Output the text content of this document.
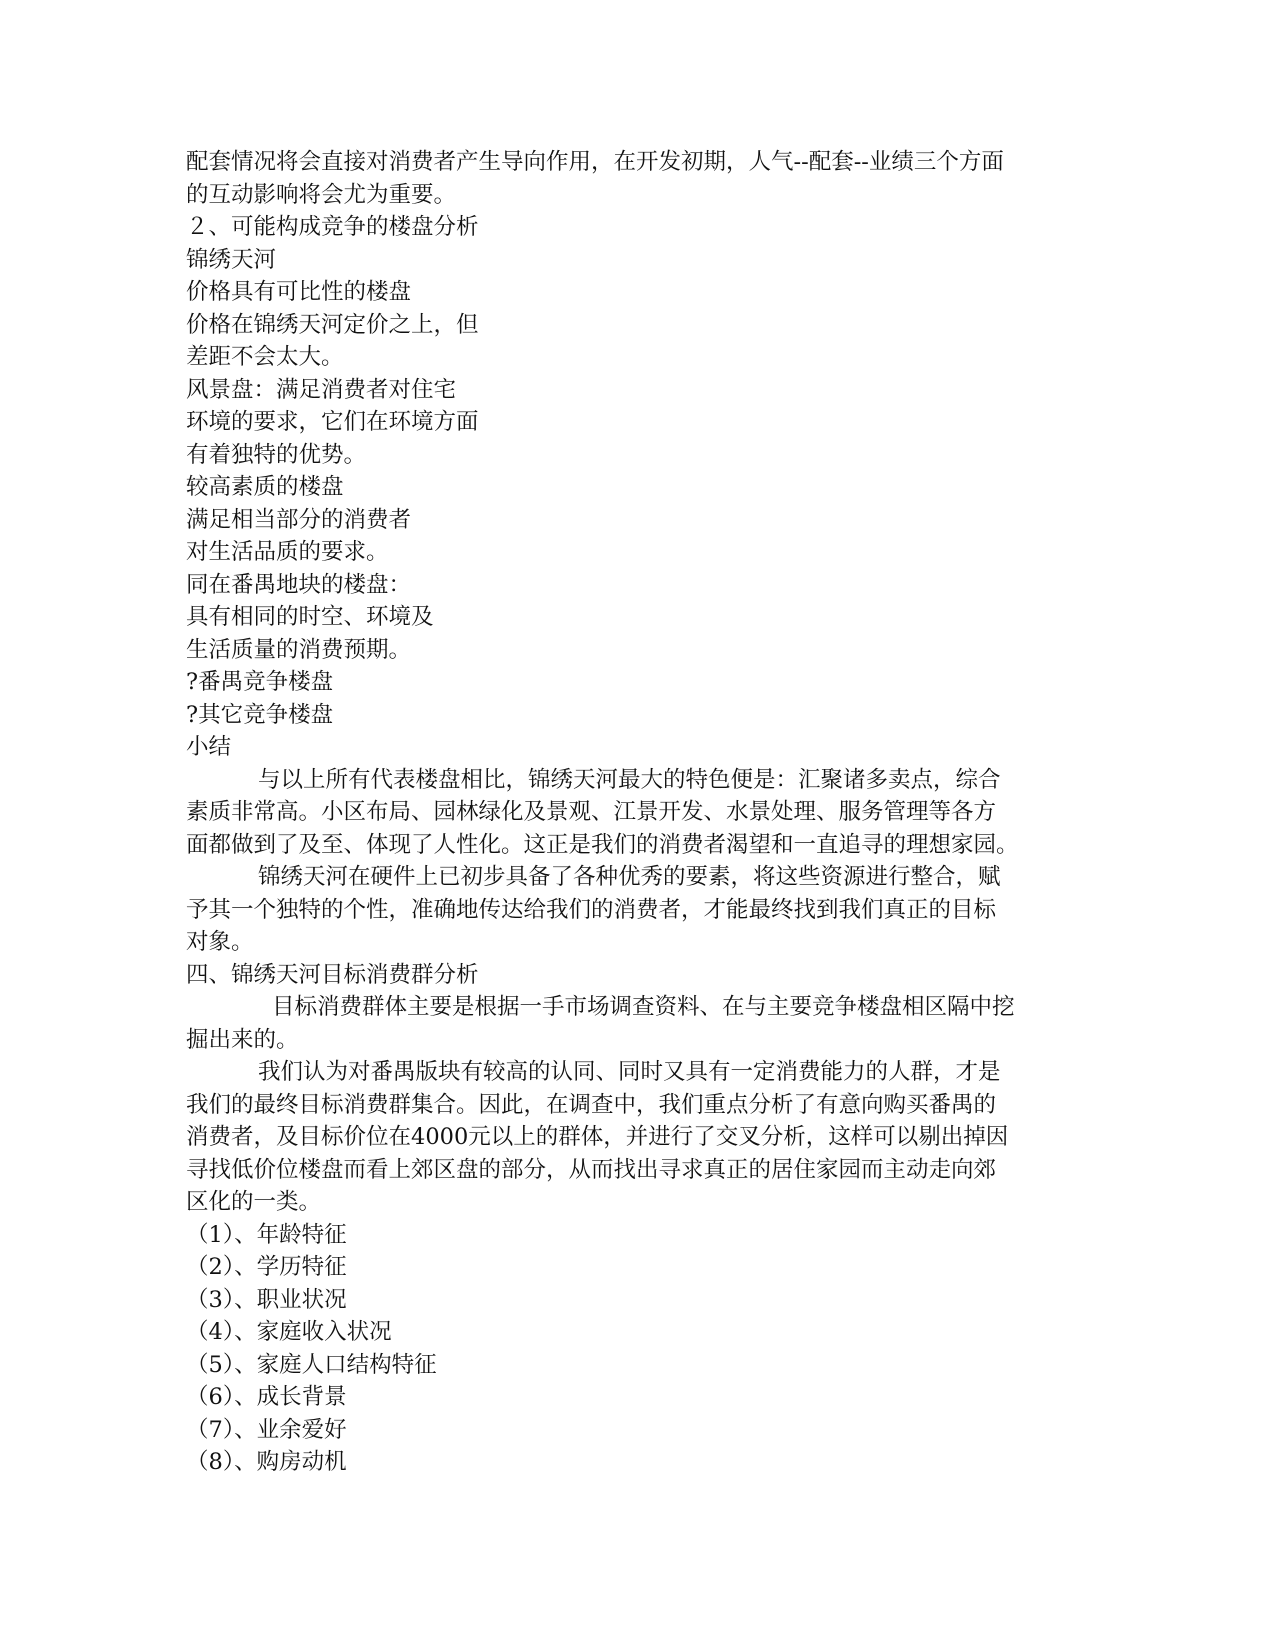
配套情况将会直接对消费者产生导向作用，在开发初期，人气--配套--业绩三个方面
的互动影响将会尤为重要。
２、可能构成竞争的楼盘分析
锦绣天河
价格具有可比性的楼盘
价格在锦绣天河定价之上，但
差距不会太大。
风景盘：满足消费者对住宅
环境的要求，它们在环境方面
有着独特的优势。
较高素质的楼盘
满足相当部分的消费者
对生活品质的要求。
同在番禺地块的楼盘：
具有相同的时空、环境及
生活质量的消费预期。
?番禺竞争楼盘
?其它竞争楼盘
小结
与以上所有代表楼盘相比，锦绣天河最大的特色便是：汇聚诸多卖点，综合
素质非常高。小区布局、园林绿化及景观、江景开发、水景处理、服务管理等各方
面都做到了及至、体现了人性化。这正是我们的消费者渴望和一直追寻的理想家园。
锦绣天河在硬件上已初步具备了各种优秀的要素，将这些资源进行整合，赋
予其一个独特的个性，准确地传达给我们的消费者，才能最终找到我们真正的目标
对象。
四、锦绣天河目标消费群分析
目标消费群体主要是根据一手市场调查资料、在与主要竞争楼盘相区隔中挖
掘出来的。
我们认为对番禺版块有较高的认同、同时又具有一定消费能力的人群，才是
我们的最终目标消费群集合。因此，在调查中，我们重点分析了有意向购买番禺的
消费者，及目标价位在4000元以上的群体，并进行了交叉分析，这样可以剔出掉因
寻找低价位楼盘而看上郊区盘的部分，从而找出寻求真正的居住家园而主动走向郊
区化的一类。
（1）、年龄特征
（2）、学历特征
（3）、职业状况
（4）、家庭收入状况
（5）、家庭人口结构特征
（6）、成长背景
（7）、业余爱好
（8）、购房动机
